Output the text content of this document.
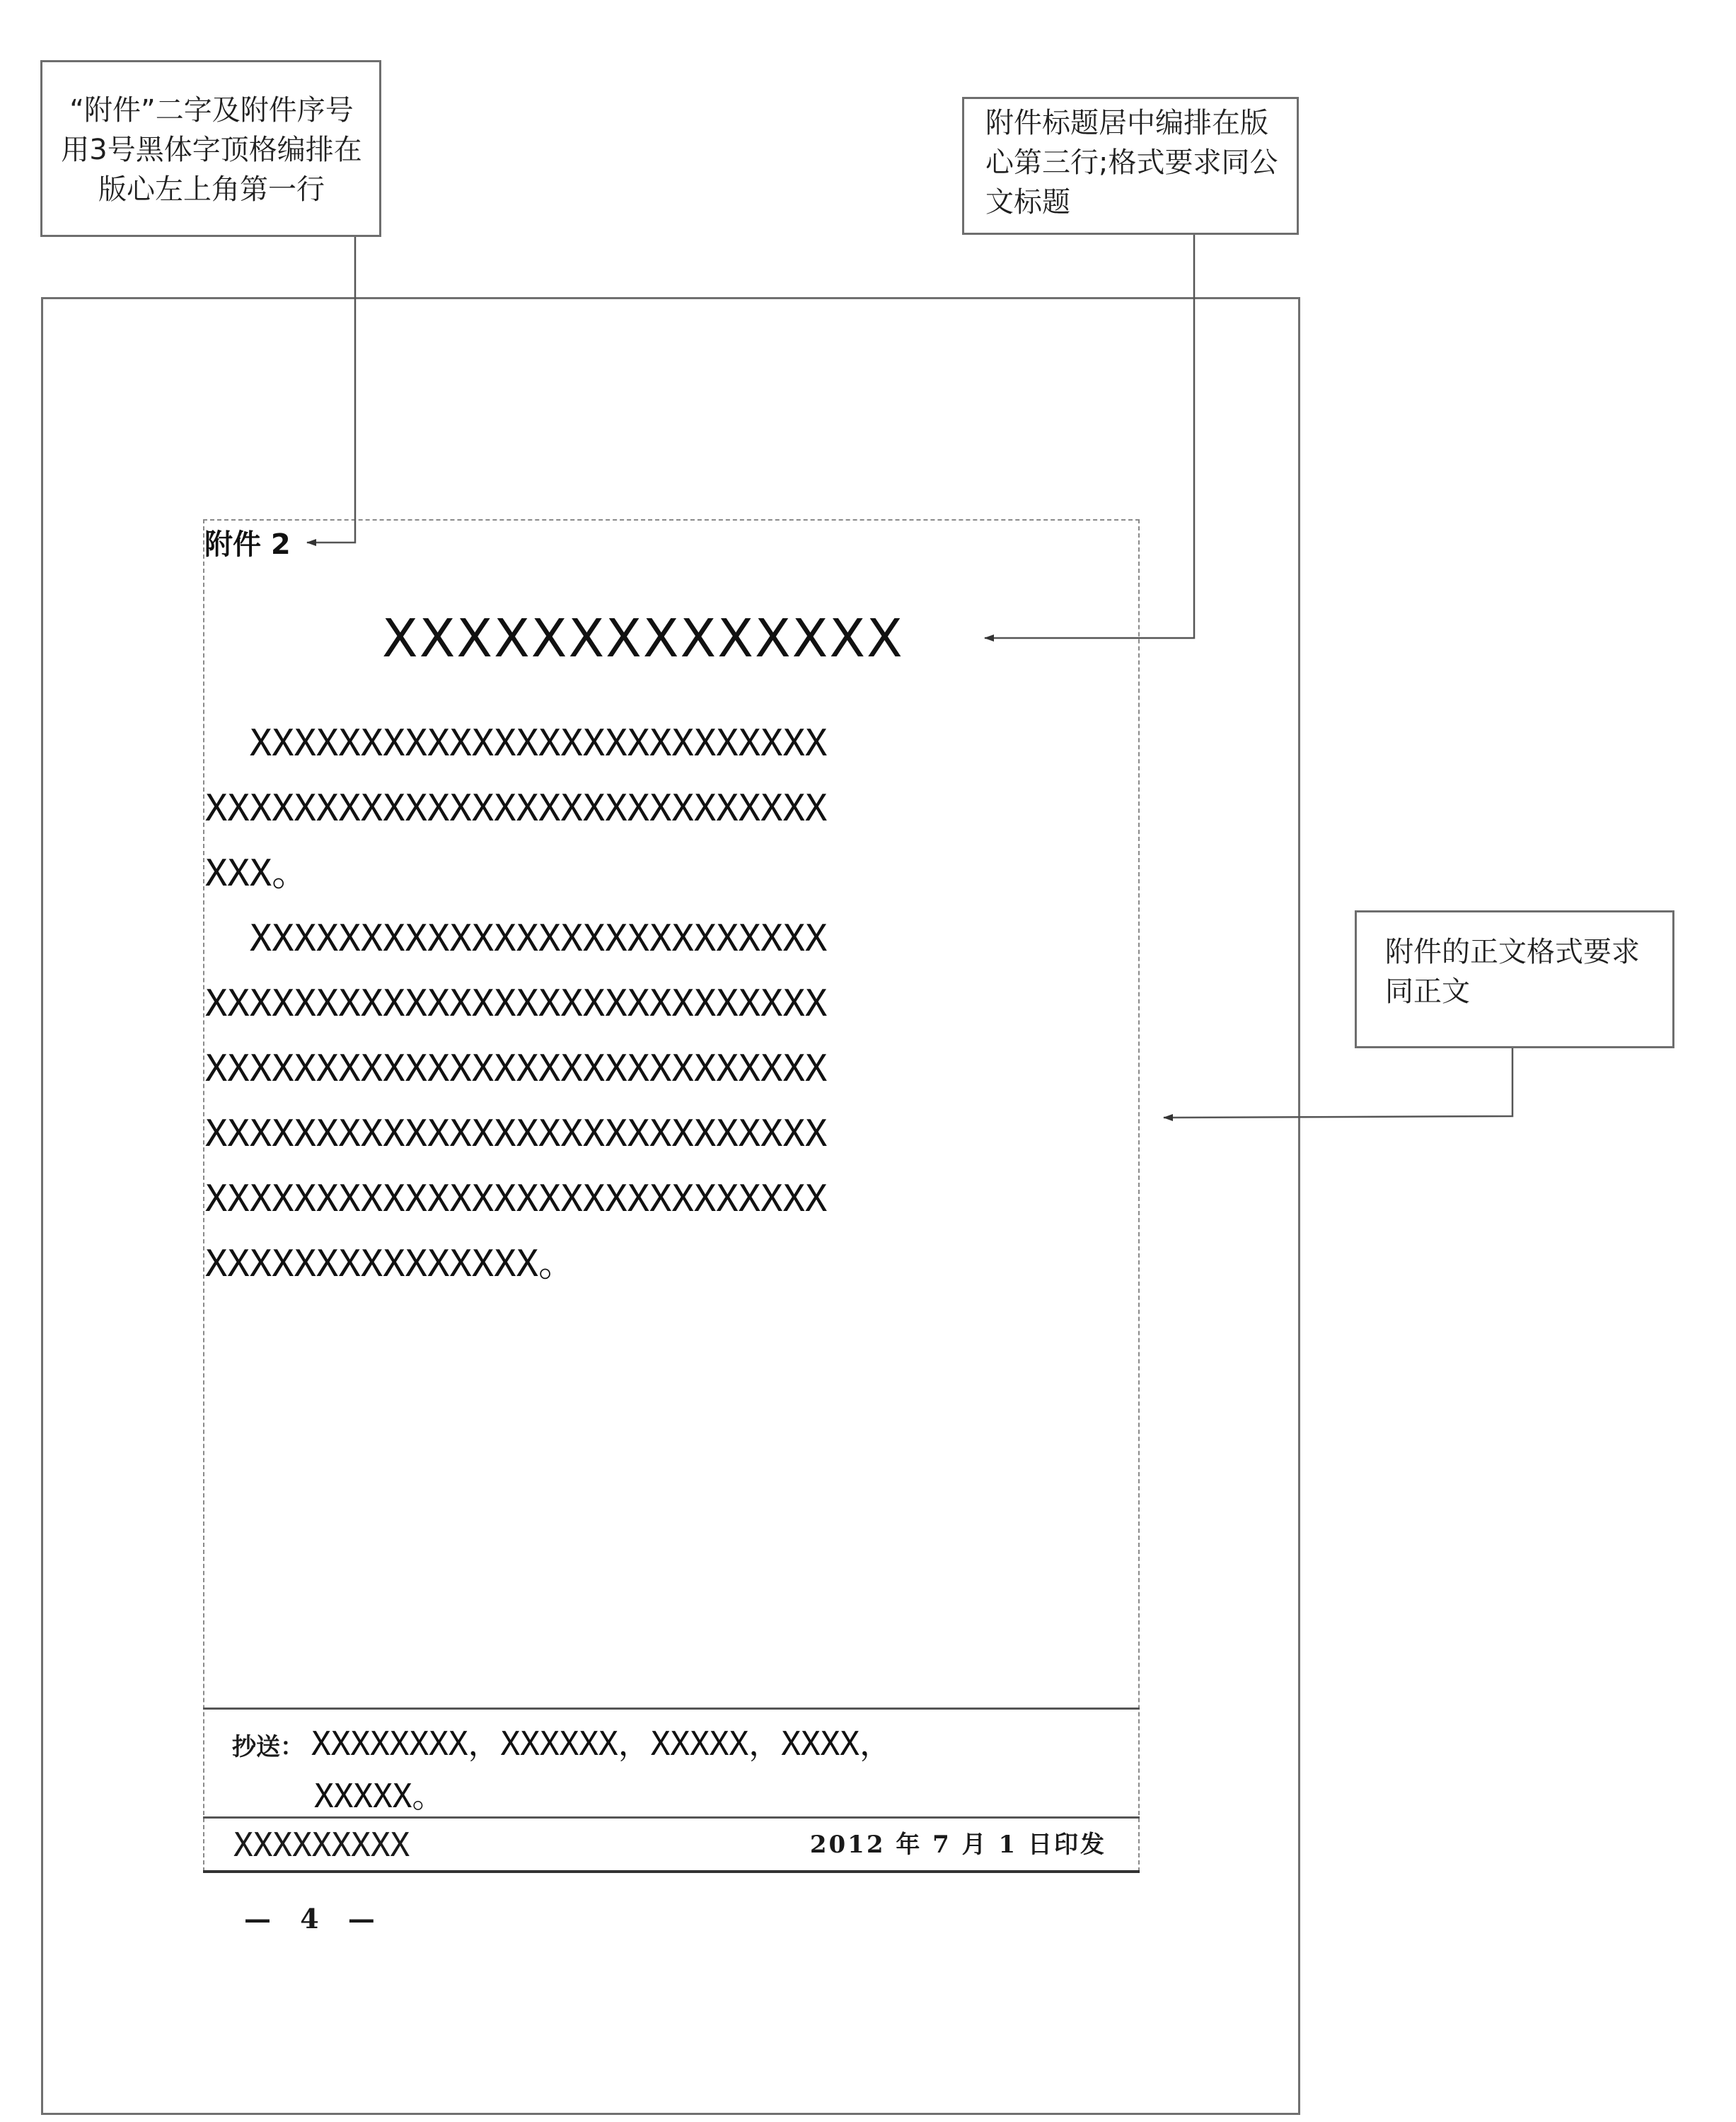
“附件”二字及附件序号用3号黑体字顶格编排在版心左上角第一行
附件标题居中编排在版心第三行;格式要求同公文标题
附件的正文格式要求同正文
附件 2
XXXXXXXXXXXXXX

XXXXXXXXXXXXXXXXXXXXXXXXXX

XXXXXXXXXXXXXXXXXXXXXXXXXXXX

XXX。

XXXXXXXXXXXXXXXXXXXXXXXXXX

XXXXXXXXXXXXXXXXXXXXXXXXXXXX

XXXXXXXXXXXXXXXXXXXXXXXXXXXX

XXXXXXXXXXXXXXXXXXXXXXXXXXXX

XXXXXXXXXXXXXXXXXXXXXXXXXXXX

XXXXXXXXXXXXXXX。

抄送： XXXXXXXX，XXXXXX，XXXXX，XXXX，
XXXXX。
XXXXXXXXX	2012 年 7 月 1 日印发
— 4 —
